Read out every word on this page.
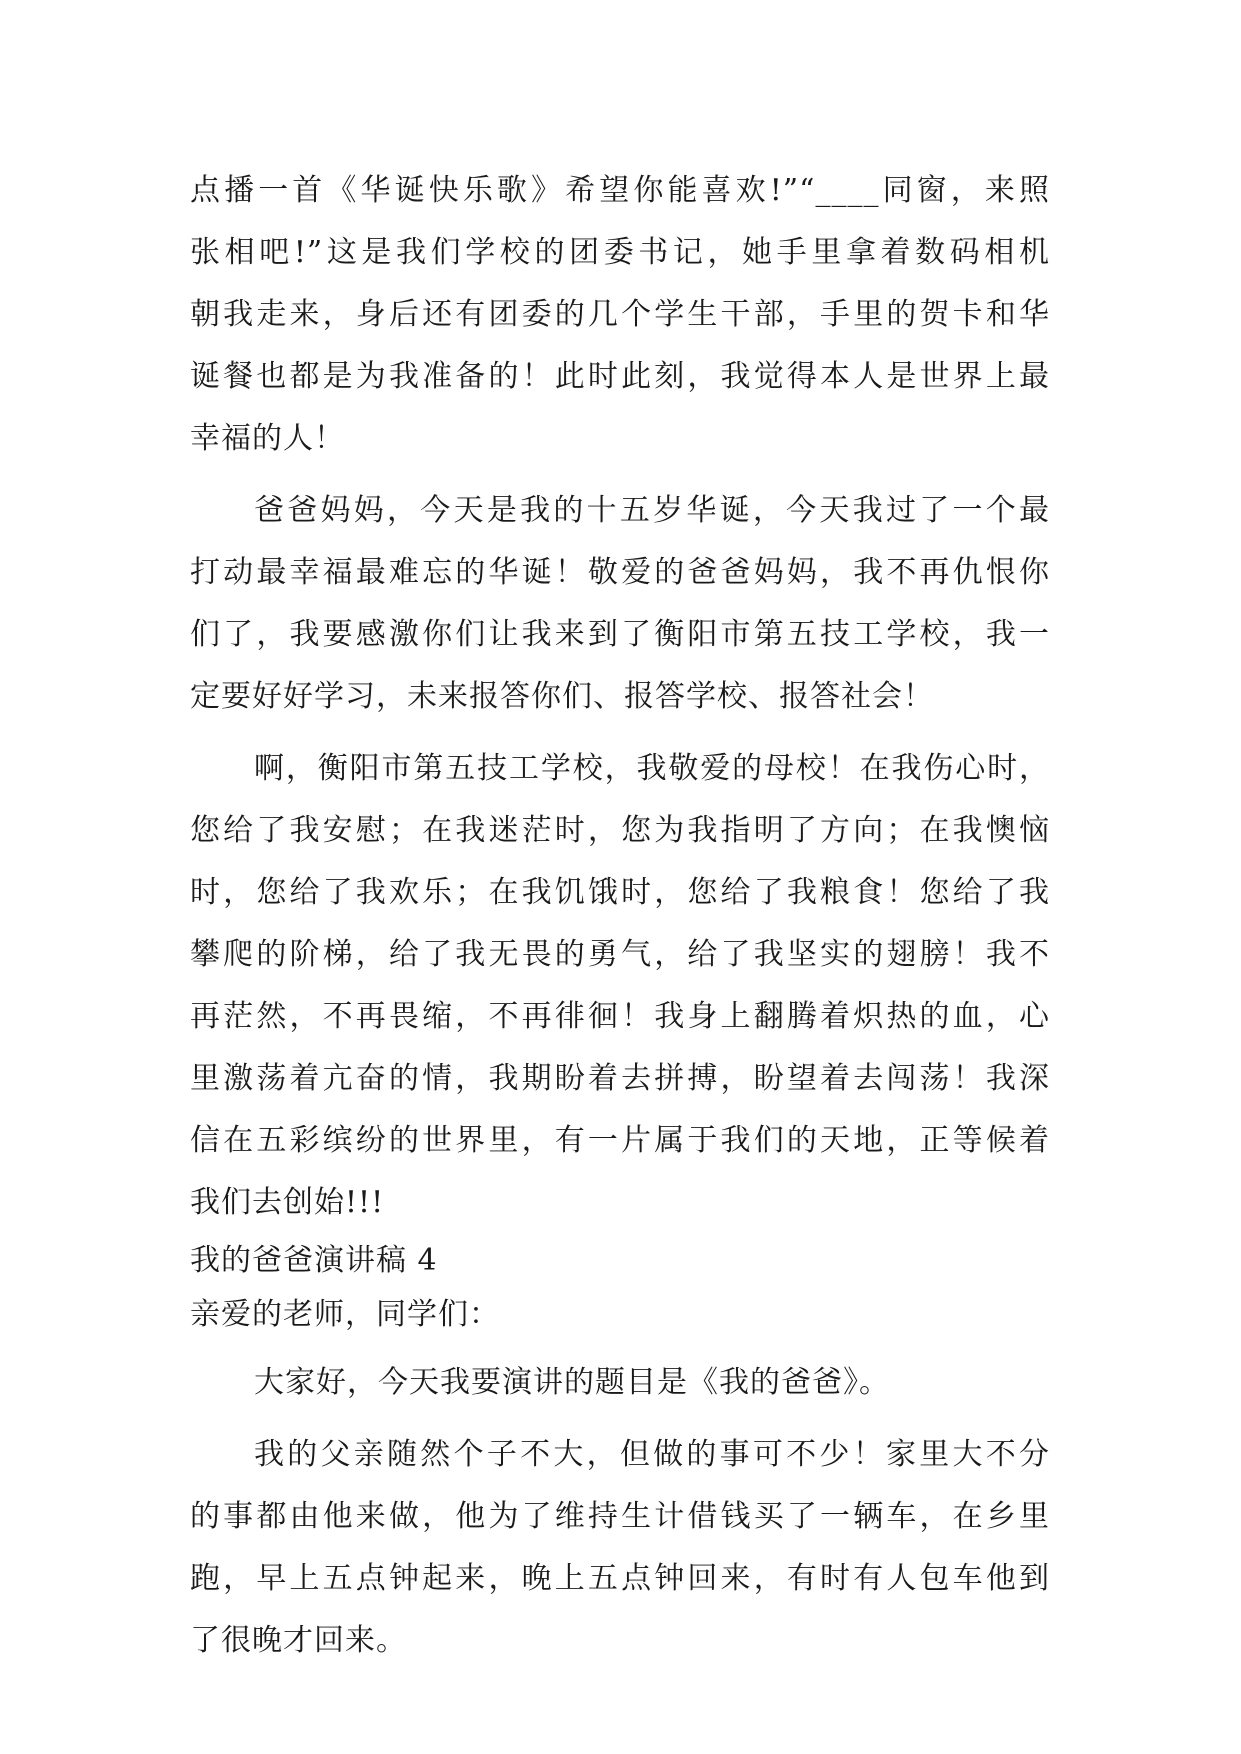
点播一首《华诞快乐歌》希望你能喜欢!”“____同窗，来照
张相吧!”这是我们学校的团委书记，她手里拿着数码相机
朝我走来，身后还有团委的几个学生干部，手里的贺卡和华
诞餐也都是为我准备的！此时此刻，我觉得本人是世界上最
幸福的人！
爸爸妈妈，今天是我的十五岁华诞，今天我过了一个最
打动最幸福最难忘的华诞！敬爱的爸爸妈妈，我不再仇恨你
们了，我要感激你们让我来到了衡阳市第五技工学校，我一
定要好好学习，未来报答你们、报答学校、报答社会！
啊，衡阳市第五技工学校，我敬爱的母校！在我伤心时，
您给了我安慰；在我迷茫时，您为我指明了方向；在我懊恼
时，您给了我欢乐；在我饥饿时，您给了我粮食！您给了我
攀爬的阶梯，给了我无畏的勇气，给了我坚实的翅膀！我不
再茫然，不再畏缩，不再徘徊！我身上翻腾着炽热的血，心
里激荡着亢奋的情，我期盼着去拼搏，盼望着去闯荡！我深
信在五彩缤纷的世界里，有一片属于我们的天地，正等候着
我们去创始!!!
我的爸爸演讲稿 4
亲爱的老师，同学们：
大家好，今天我要演讲的题目是《我的爸爸》。
我的父亲随然个子不大，但做的事可不少！家里大不分
的事都由他来做，他为了维持生计借钱买了一辆车，在乡里
跑，早上五点钟起来，晚上五点钟回来，有时有人包车他到
了很晚才回来。
